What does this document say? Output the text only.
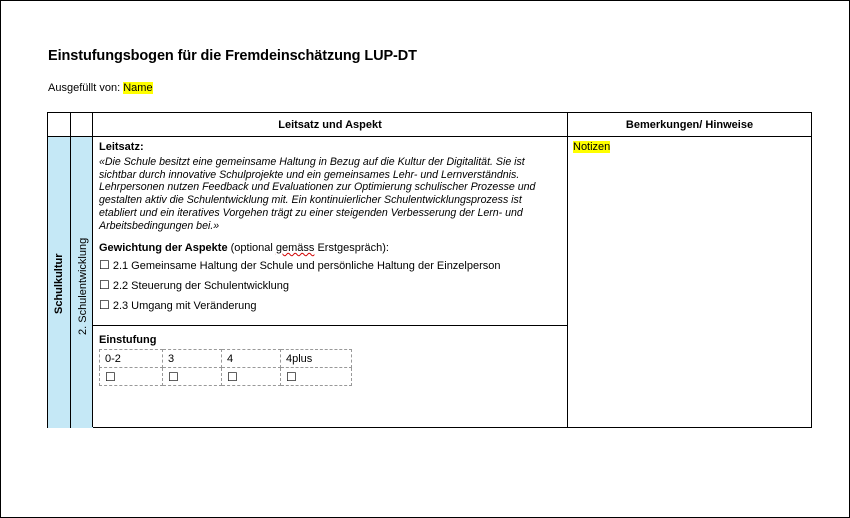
Einstufungsbogen für die Fremdeinschätzung LUP-DT
Ausgefüllt von: Name
Leitsatz und Aspekt	Bemerkungen/ Hinweise
Schulkultur 2. Schulentwicklung
Leitsatz:
«Die Schule besitzt eine gemeinsame Haltung in Bezug auf die Kultur der Digitalität. Sie ist sichtbar durch innovative Schulprojekte und ein gemeinsames Lehr- und Lernverständnis. Lehrpersonen nutzen Feedback und Evaluationen zur Optimierung schulischer Prozesse und gestalten aktiv die Schulentwicklung mit. Ein kontinuierlicher Schulentwicklungsprozess ist etabliert und ein iteratives Vorgehen trägt zu einer steigenden Verbesserung der Lern- und Arbeitsbedingungen bei.»
Gewichtung der Aspekte (optional gemäss Erstgespräch):
☐ 2.1 Gemeinsame Haltung der Schule und persönliche Haltung der Einzelperson
☐ 2.2 Steuerung der Schulentwicklung
☐ 2.3 Umgang mit Veränderung
Einstufung
0-2	3	4	4plus
☐	☐	☐	☐
Notizen
